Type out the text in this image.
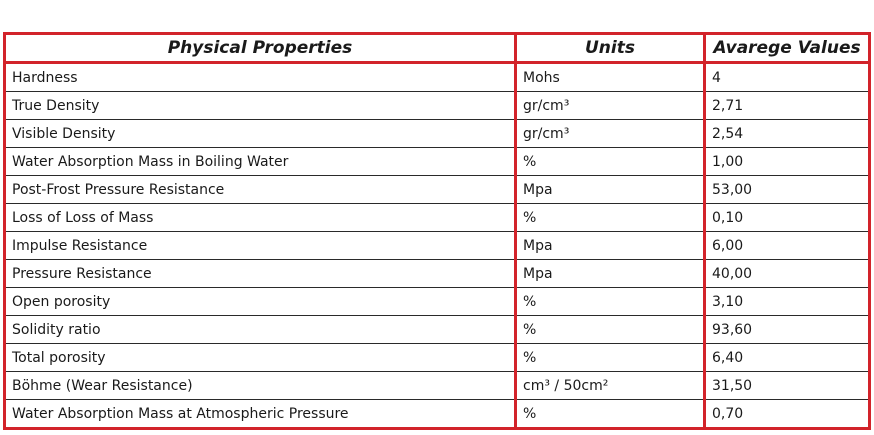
Physical Properties	Units	Avarege Values
Hardness	Mohs	4
True Density	gr/cm³	2,71
Visible Density	gr/cm³	2,54
Water Absorption Mass in Boiling Water	%	1,00
Post-Frost Pressure Resistance	Mpa	53,00
Loss of Loss of Mass	%	0,10
Impulse Resistance	Mpa	6,00
Pressure Resistance	Mpa	40,00
Open porosity	%	3,10
Solidity ratio	%	93,60
Total porosity	%	6,40
Böhme (Wear Resistance)	cm³ / 50cm²	31,50
Water Absorption Mass at Atmospheric Pressure	%	0,70
